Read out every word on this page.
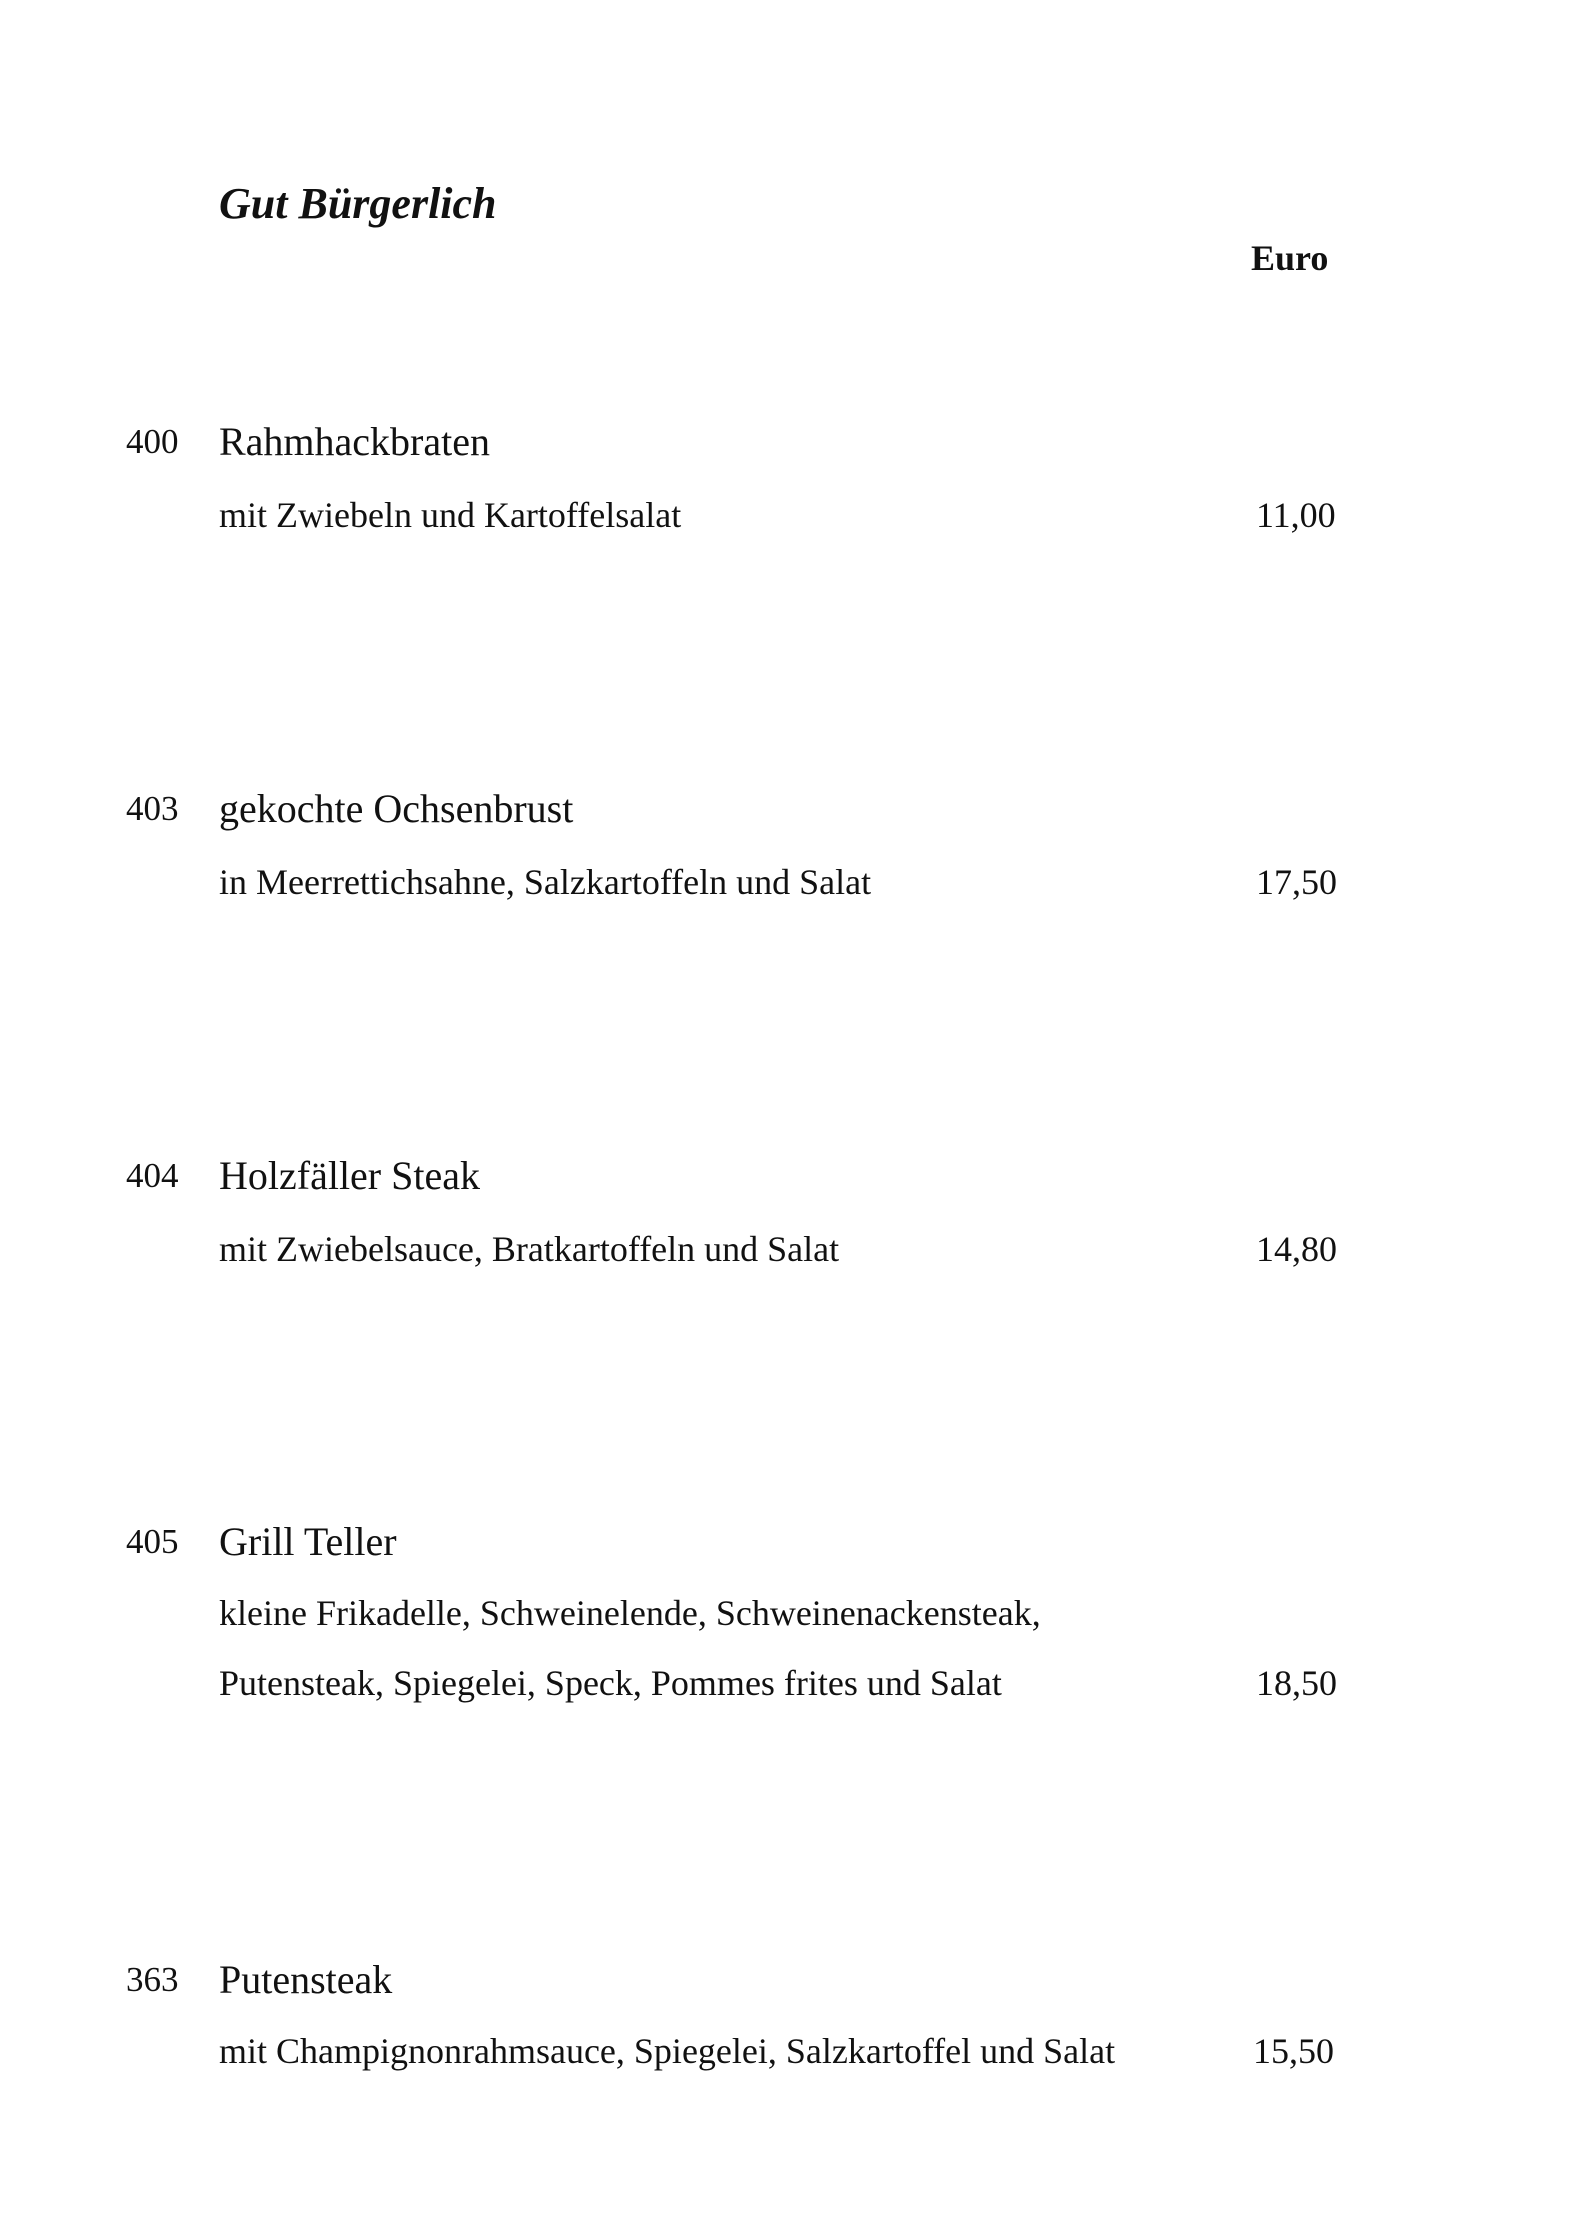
Gut Bürgerlich
Euro
400 Rahmhackbraten
mit Zwiebeln und Kartoffelsalat	11,00
403 gekochte Ochsenbrust
in Meerrettichsahne, Salzkartoffeln und Salat	17,50
404 Holzfäller Steak
mit Zwiebelsauce, Bratkartoffeln und Salat	14,80
405 Grill Teller
kleine Frikadelle, Schweinelende, Schweinenackensteak,
Putensteak, Spiegelei, Speck, Pommes frites und Salat	18,50
363 Putensteak
mit Champignonrahmsauce, Spiegelei, Salzkartoffel und Salat	15,50
